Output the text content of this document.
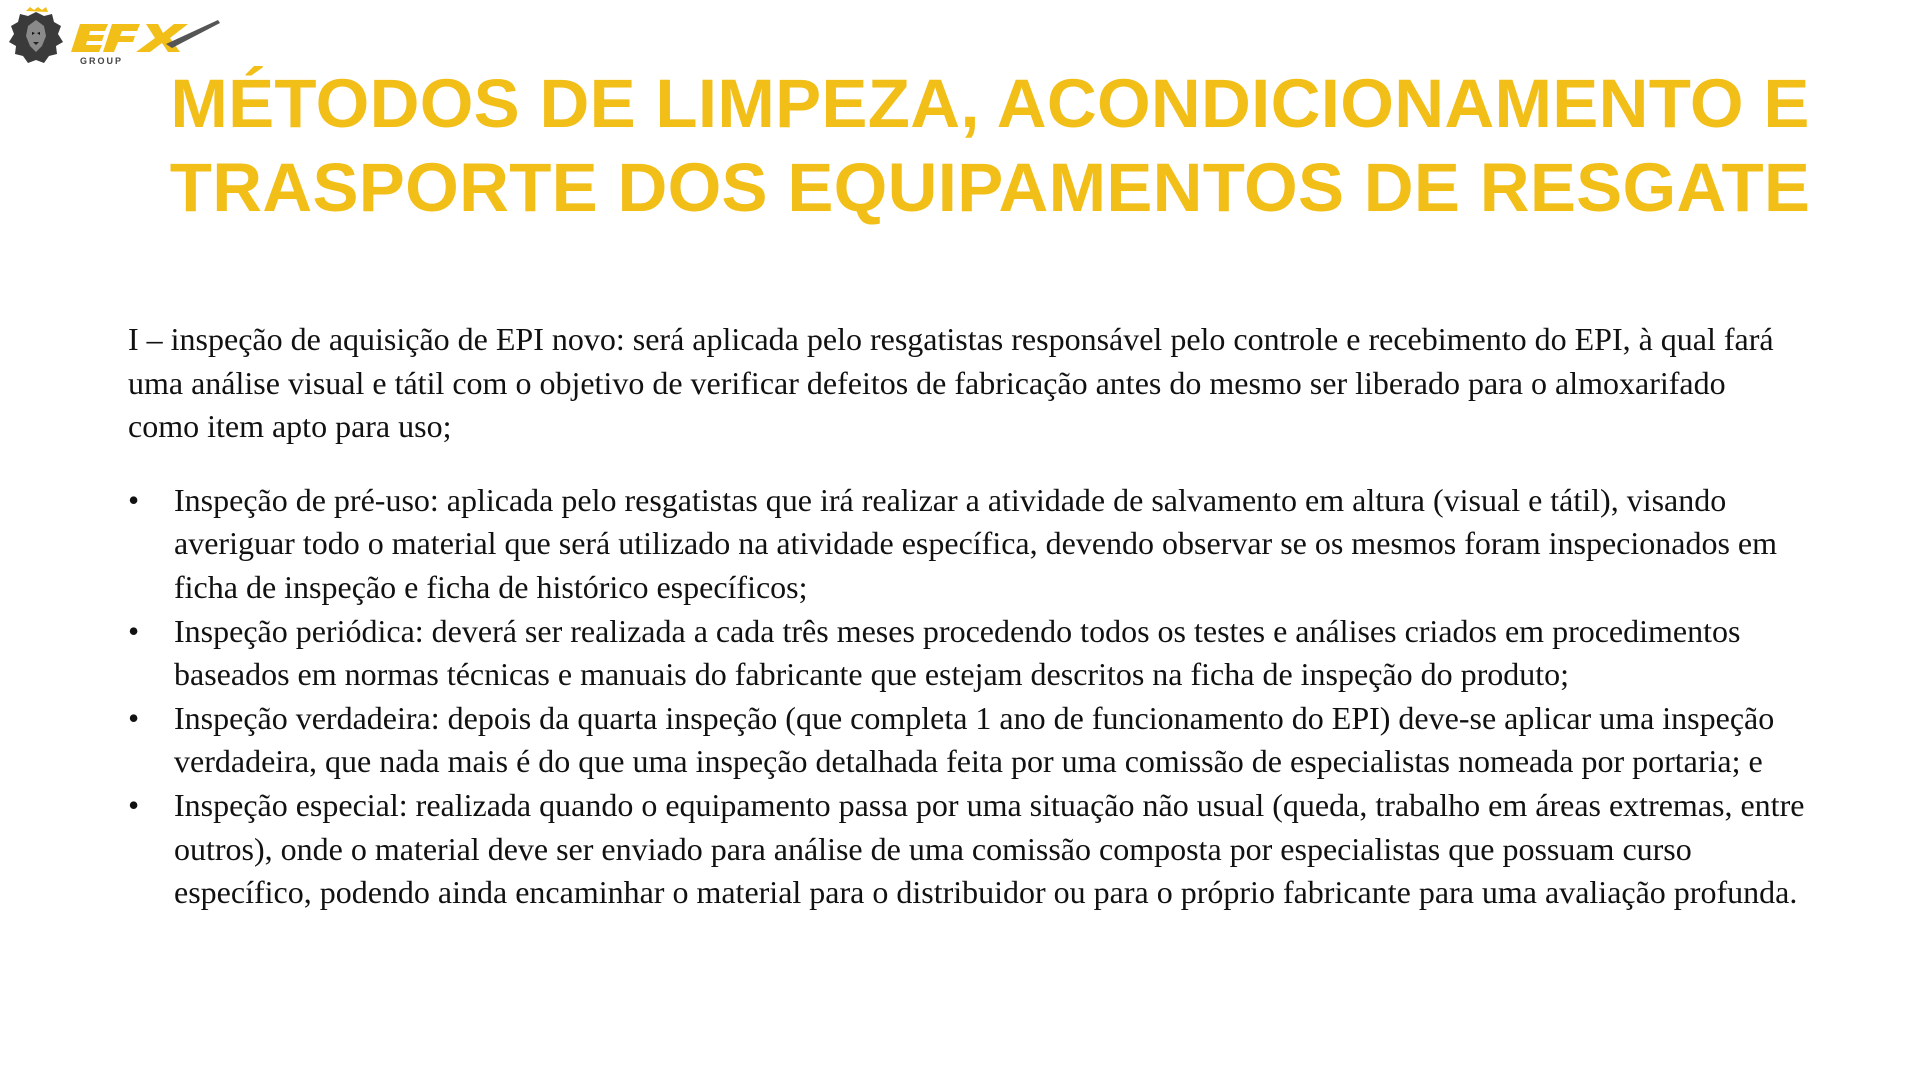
GROUP
MÉTODOS DE LIMPEZA, ACONDICIONAMENTO E
TRASPORTE DOS EQUIPAMENTOS DE RESGATE

I – inspeção de aquisição de EPI novo: será aplicada pelo resgatistas responsável pelo controle e recebimento do EPI, à qual fará uma análise visual e tátil com o objetivo de verificar defeitos de fabricação antes do mesmo ser liberado para o almoxarifado como item apto para uso;

• Inspeção de pré-uso: aplicada pelo resgatistas que irá realizar a atividade de salvamento em altura (visual e tátil), visando averiguar todo o material que será utilizado na atividade específica, devendo observar se os mesmos foram inspecionados em ficha de inspeção e ficha de histórico específicos;
• Inspeção periódica: deverá ser realizada a cada três meses procedendo todos os testes e análises criados em procedimentos baseados em normas técnicas e manuais do fabricante que estejam descritos na ficha de inspeção do produto;
• Inspeção verdadeira: depois da quarta inspeção (que completa 1 ano de funcionamento do EPI) deve-se aplicar uma inspeção verdadeira, que nada mais é do que uma inspeção detalhada feita por uma comissão de especialistas nomeada por portaria; e
• Inspeção especial: realizada quando o equipamento passa por uma situação não usual (queda, trabalho em áreas extremas, entre outros), onde o material deve ser enviado para análise de uma comissão composta por especialistas que possuam curso específico, podendo ainda encaminhar o material para o distribuidor ou para o próprio fabricante para uma avaliação profunda.
